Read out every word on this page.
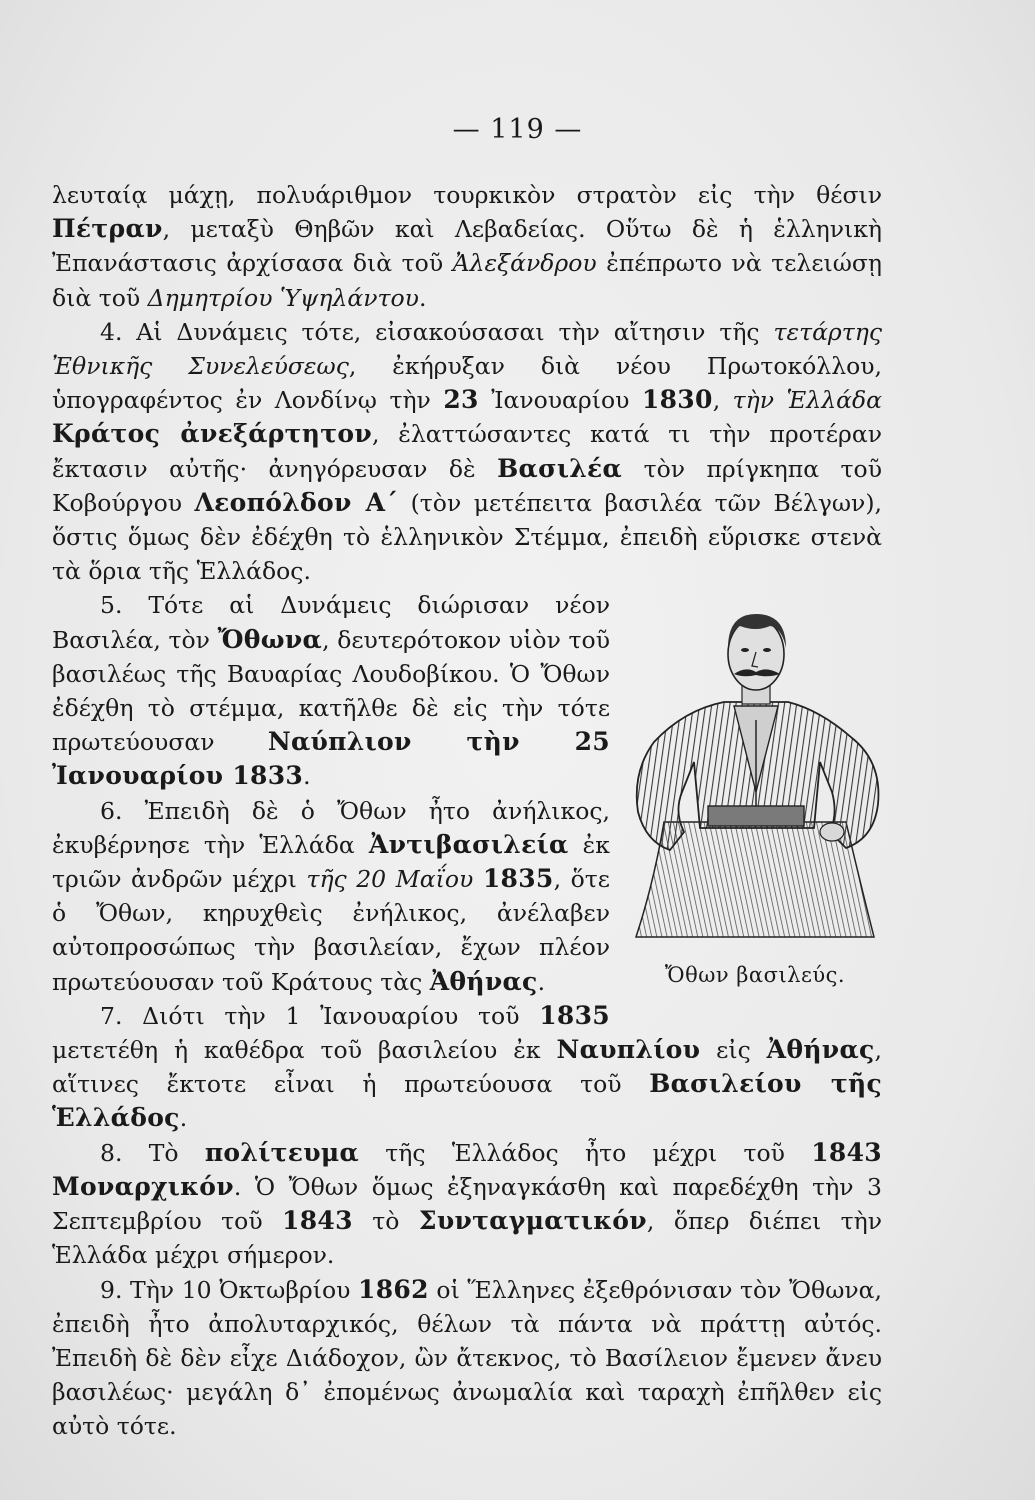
— 119 —

λευταίᾳ μάχῃ, πολυάριθμον τουρκικὸν στρατὸν εἰς τὴν θέσιν Πέτραν, μεταξὺ Θηβῶν καὶ Λεβαδείας. Οὕτω δὲ ἡ ἑλληνικὴ Ἐπανάστασις ἀρχίσασα διὰ τοῦ Ἀλεξάνδρου ἐπέπρωτο νὰ τελειώσῃ διὰ τοῦ Δημητρίου Ὑψηλάντου.

4. Αἱ Δυνάμεις τότε, εἰσακούσασαι τὴν αἴτησιν τῆς τετάρτης Ἐθνικῆς Συνελεύσεως, ἐκήρυξαν διὰ νέου Πρωτοκόλλου, ὑπογραφέντος ἐν Λονδίνῳ τὴν 23 Ἰανουαρίου 1830, τὴν Ἑλλάδα Κράτος ἀνεξάρτητον, ἐλαττώσαντες κατά τι τὴν προτέραν ἔκτασιν αὐτῆς· ἀνηγόρευσαν δὲ Βασιλέα τὸν πρίγκηπα τοῦ Κοβούργου Λεοπόλδον Α΄ (τὸν μετέπειτα βασιλέα τῶν Βέλγων), ὅστις ὅμως δὲν ἐδέχθη τὸ ἑλληνικὸν Στέμμα, ἐπειδὴ εὕρισκε στενὰ τὰ ὅρια τῆς Ἑλλάδος.

Ὄθων βασιλεύς.

5. Τότε αἱ Δυνάμεις διώρισαν νέον Βασιλέα, τὸν Ὄθωνα, δευτερότοκον υἱὸν τοῦ βασιλέως τῆς Βαυαρίας Λουδοβίκου. Ὁ Ὄθων ἐδέχθη τὸ στέμμα, κατῆλθε δὲ εἰς τὴν τότε πρωτεύουσαν Ναύπλιον τὴν 25 Ἰανουαρίου 1833.

6. Ἐπειδὴ δὲ ὁ Ὄθων ἦτο ἀνήλικος, ἐκυβέρνησε τὴν Ἑλλάδα Ἀντιβασιλεία ἐκ τριῶν ἀνδρῶν μέχρι τῆς 20 Μαΐου 1835, ὅτε ὁ Ὄθων, κηρυχθεὶς ἐνήλικος, ἀνέλαβεν αὐτοπροσώπως τὴν βασιλείαν, ἔχων πλέον πρωτεύουσαν τοῦ Κράτους τὰς Ἀθήνας.

7. Διότι τὴν 1 Ἰανουαρίου τοῦ 1835 μετετέθη ἡ καθέδρα τοῦ βασιλείου ἐκ Ναυπλίου εἰς Ἀθήνας, αἵτινες ἔκτοτε εἶναι ἡ πρωτεύουσα τοῦ Βασιλείου τῆς Ἑλλάδος.

8. Τὸ πολίτευμα τῆς Ἑλλάδος ἦτο μέχρι τοῦ 1843 Μοναρχικόν. Ὁ Ὄθων ὅμως ἐξηναγκάσθη καὶ παρεδέχθη τὴν 3 Σεπτεμβρίου τοῦ 1843 τὸ Συνταγματικόν, ὅπερ διέπει τὴν Ἑλλάδα μέχρι σήμερον.

9. Τὴν 10 Ὀκτωβρίου 1862 οἱ Ἕλληνες ἐξεθρόνισαν τὸν Ὄθωνα, ἐπειδὴ ἦτο ἀπολυταρχικός, θέλων τὰ πάντα νὰ πράττῃ αὐτός. Ἐπειδὴ δὲ δὲν εἶχε Διάδοχον, ὢν ἄτεκνος, τὸ Βασίλειον ἔμενεν ἄνευ βασιλέως· μεγάλη δ᾽ ἐπομένως ἀνωμαλία καὶ ταραχὴ ἐπῆλθεν εἰς αὐτὸ τότε.
